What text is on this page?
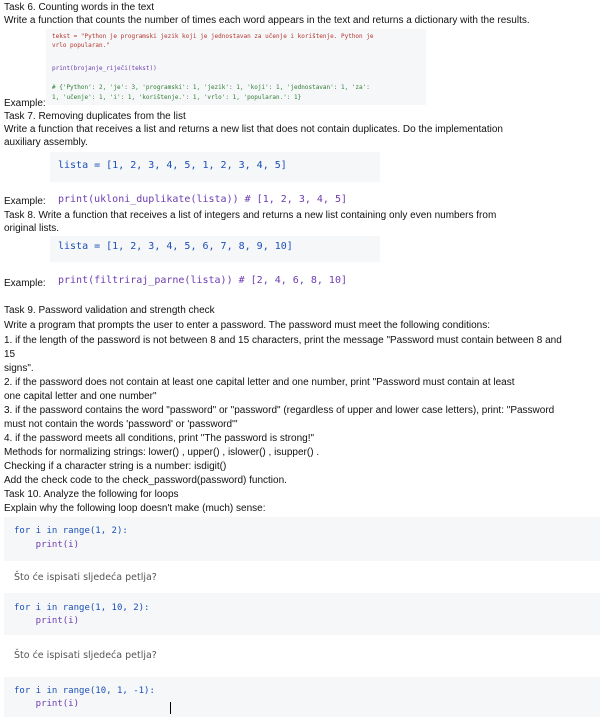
Task 6. Counting words in the text
Write a function that counts the number of times each word appears in the text and returns a dictionary with the results.
tekst = "Python je programski jezik koji je jednostavan za učenje i korištenje. Python je
vrlo popularan."
print(brojanje_riječi(tekst))
# {'Python': 2, 'je': 3, 'programski': 1, 'jezik': 1, 'koji': 1, 'jednostavan': 1, 'za':
1, 'učenje': 1, 'i': 1, 'korištenje.': 1, 'vrlo': 1, 'popularan.': 1}
Example:
Task 7. Removing duplicates from the list
Write a function that receives a list and returns a new list that does not contain duplicates. Do the implementation
auxiliary assembly.
lista = [1, 2, 3, 4, 5, 1, 2, 3, 4, 5]
Example: print(ukloni_duplikate(lista)) # [1, 2, 3, 4, 5]
Task 8. Write a function that receives a list of integers and returns a new list containing only even numbers from
original lists.
lista = [1, 2, 3, 4, 5, 6, 7, 8, 9, 10]
Example: print(filtriraj_parne(lista)) # [2, 4, 6, 8, 10]
Task 9. Password validation and strength check
Write a program that prompts the user to enter a password. The password must meet the following conditions:
1. if the length of the password is not between 8 and 15 characters, print the message "Password must contain between 8 and
15
signs".
2. if the password does not contain at least one capital letter and one number, print "Password must contain at least
one capital letter and one number"
3. if the password contains the word "password" or "password" (regardless of upper and lower case letters), print: "Password
must not contain the words 'password' or 'password'"
4. if the password meets all conditions, print "The password is strong!"
Methods for normalizing strings: lower() , upper() , islower() , isupper() .
Checking if a character string is a number: isdigit()
Add the check code to the check_password(password) function.
Task 10. Analyze the following for loops
Explain why the following loop doesn't make (much) sense:
for i in range(1, 2):
print(i)
Što će ispisati sljedeća petlja?
for i in range(1, 10, 2):
print(i)
Što će ispisati sljedeća petlja?
for i in range(10, 1, -1):
print(i)
